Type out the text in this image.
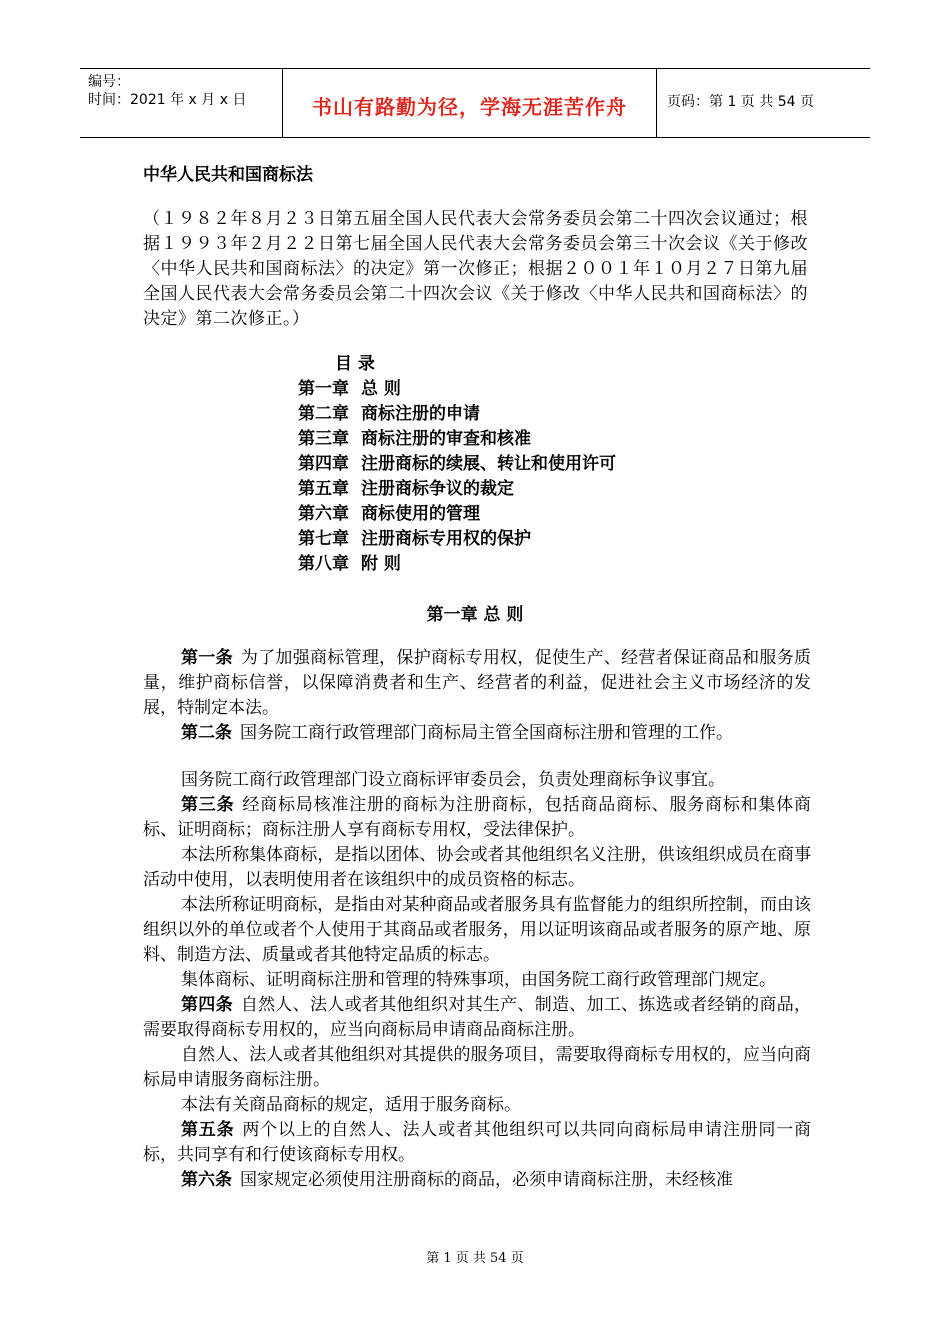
编号：
时间：2021 年 x 月 x 日	书山有路勤为径，学海无涯苦作舟	页码：第 1 页 共 54 页
中华人民共和国商标法
（１９８２年８月２３日第五届全国人民代表大会常务委员会第二十四次会议通过；根据１９９３年２月２２日第七届全国人民代表大会常务委员会第三十次会议《关于修改〈中华人民共和国商标法〉的决定》第一次修正；根据２００１年１０月２７日第九届全国人民代表大会常务委员会第二十四次会议《关于修改〈中华人民共和国商标法〉的决定》第二次修正。）
目 录
第一章 总 则
第二章 商标注册的申请
第三章 商标注册的审查和核准
第四章 注册商标的续展、转让和使用许可
第五章 注册商标争议的裁定
第六章 商标使用的管理
第七章 注册商标专用权的保护
第八章 附 则
第一章 总 则

第一条 为了加强商标管理，保护商标专用权，促使生产、经营者保证商品和服务质量，维护商标信誉，以保障消费者和生产、经营者的利益，促进社会主义市场经济的发展，特制定本法。

第二条 国务院工商行政管理部门商标局主管全国商标注册和管理的工作。

国务院工商行政管理部门设立商标评审委员会，负责处理商标争议事宜。

第三条 经商标局核准注册的商标为注册商标，包括商品商标、服务商标和集体商标、证明商标；商标注册人享有商标专用权，受法律保护。

本法所称集体商标，是指以团体、协会或者其他组织名义注册，供该组织成员在商事活动中使用，以表明使用者在该组织中的成员资格的标志。

本法所称证明商标，是指由对某种商品或者服务具有监督能力的组织所控制，而由该组织以外的单位或者个人使用于其商品或者服务，用以证明该商品或者服务的原产地、原料、制造方法、质量或者其他特定品质的标志。

集体商标、证明商标注册和管理的特殊事项，由国务院工商行政管理部门规定。

第四条 自然人、法人或者其他组织对其生产、制造、加工、拣选或者经销的商品，需要取得商标专用权的，应当向商标局申请商品商标注册。

自然人、法人或者其他组织对其提供的服务项目，需要取得商标专用权的，应当向商标局申请服务商标注册。

本法有关商品商标的规定，适用于服务商标。

第五条 两个以上的自然人、法人或者其他组织可以共同向商标局申请注册同一商标，共同享有和行使该商标专用权。

第六条 国家规定必须使用注册商标的商品，必须申请商标注册，未经核准

第 1 页 共 54 页
